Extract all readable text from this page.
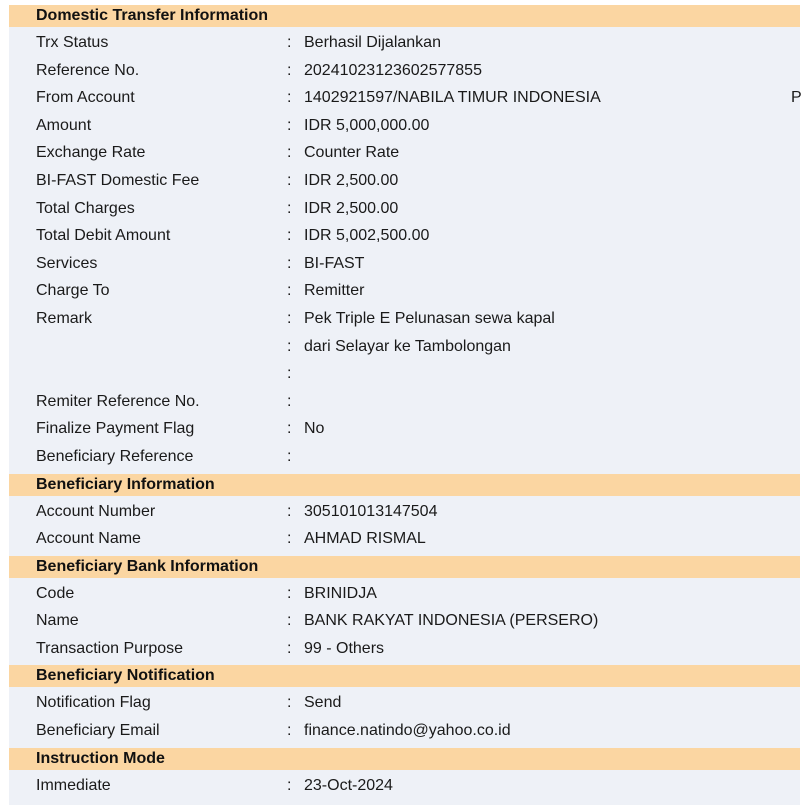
Domestic Transfer Information
Trx Status	: Berhasil Dijalankan
Reference No.	: 20241023123602577855
From Account	: 1402921597/NABILA TIMUR INDONESIA	P
Amount	: IDR 5,000,000.00
Exchange Rate	: Counter Rate
BI-FAST Domestic Fee	: IDR 2,500.00
Total Charges	: IDR 2,500.00
Total Debit Amount	: IDR 5,002,500.00
Services	: BI-FAST
Charge To	: Remitter
Remark	: Pek Triple E Pelunasan sewa kapal
: dari Selayar ke Tambolongan
:
Remiter Reference No.	:
Finalize Payment Flag	: No
Beneficiary Reference	:
Beneficiary Information
Account Number	: 305101013147504
Account Name	: AHMAD RISMAL
Beneficiary Bank Information
Code	: BRINIDJA
Name	: BANK RAKYAT INDONESIA (PERSERO)
Transaction Purpose	: 99 - Others
Beneficiary Notification
Notification Flag	: Send
Beneficiary Email	: finance.natindo@yahoo.co.id
Instruction Mode
Immediate	: 23-Oct-2024
